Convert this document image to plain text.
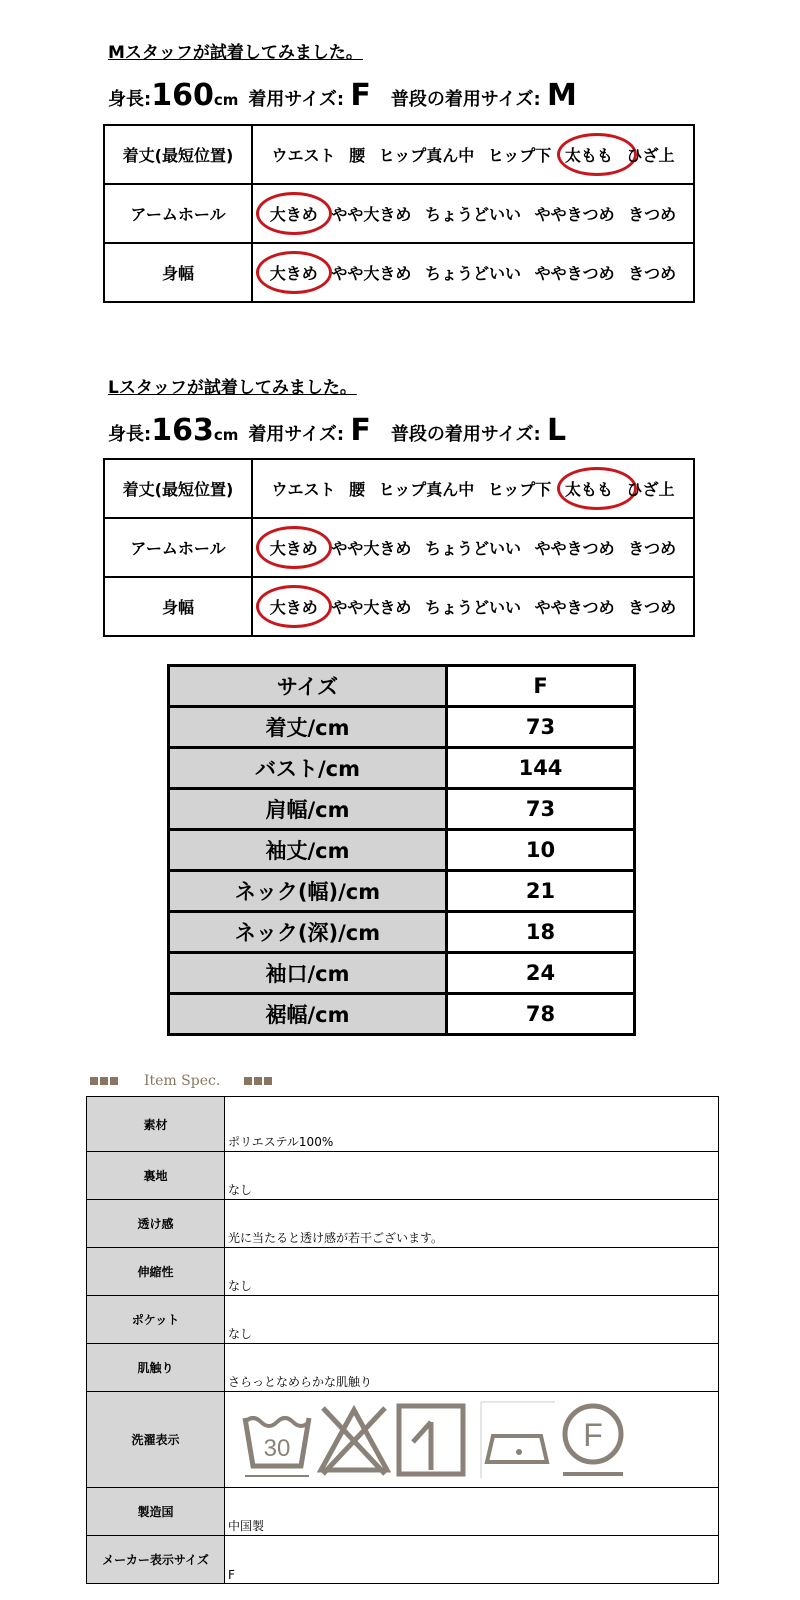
Mスタッフが試着してみました。
身長:160cm 着用サイズ: F 普段の着用サイズ: M
着丈(最短位置)	ウエスト 腰 ヒップ真ん中 ヒップ下 太もも ひざ上
アームホール	大きめ やや大きめ ちょうどいい ややきつめ きつめ
身幅	大きめ やや大きめ ちょうどいい ややきつめ きつめ
Lスタッフが試着してみました。
身長:163cm 着用サイズ: F 普段の着用サイズ: L
着丈(最短位置)	ウエスト 腰 ヒップ真ん中 ヒップ下 太もも ひざ上
アームホール	大きめ やや大きめ ちょうどいい ややきつめ きつめ
身幅	大きめ やや大きめ ちょうどいい ややきつめ きつめ
サイズ	F
着丈/cm	73
バスト/cm	144
肩幅/cm	73
袖丈/cm	10
ネック(幅)/cm	21
ネック(深)/cm	18
袖口/cm	24
裾幅/cm	78
Item Spec.
素材	ポリエステル100%
裏地	なし
透け感	光に当たると透け感が若干ございます。
伸縮性	なし
ポケット	なし
肌触り	さらっとなめらかな肌触り
洗濯表示	30 F

製造国	中国製
メーカー表示サイズ	F
